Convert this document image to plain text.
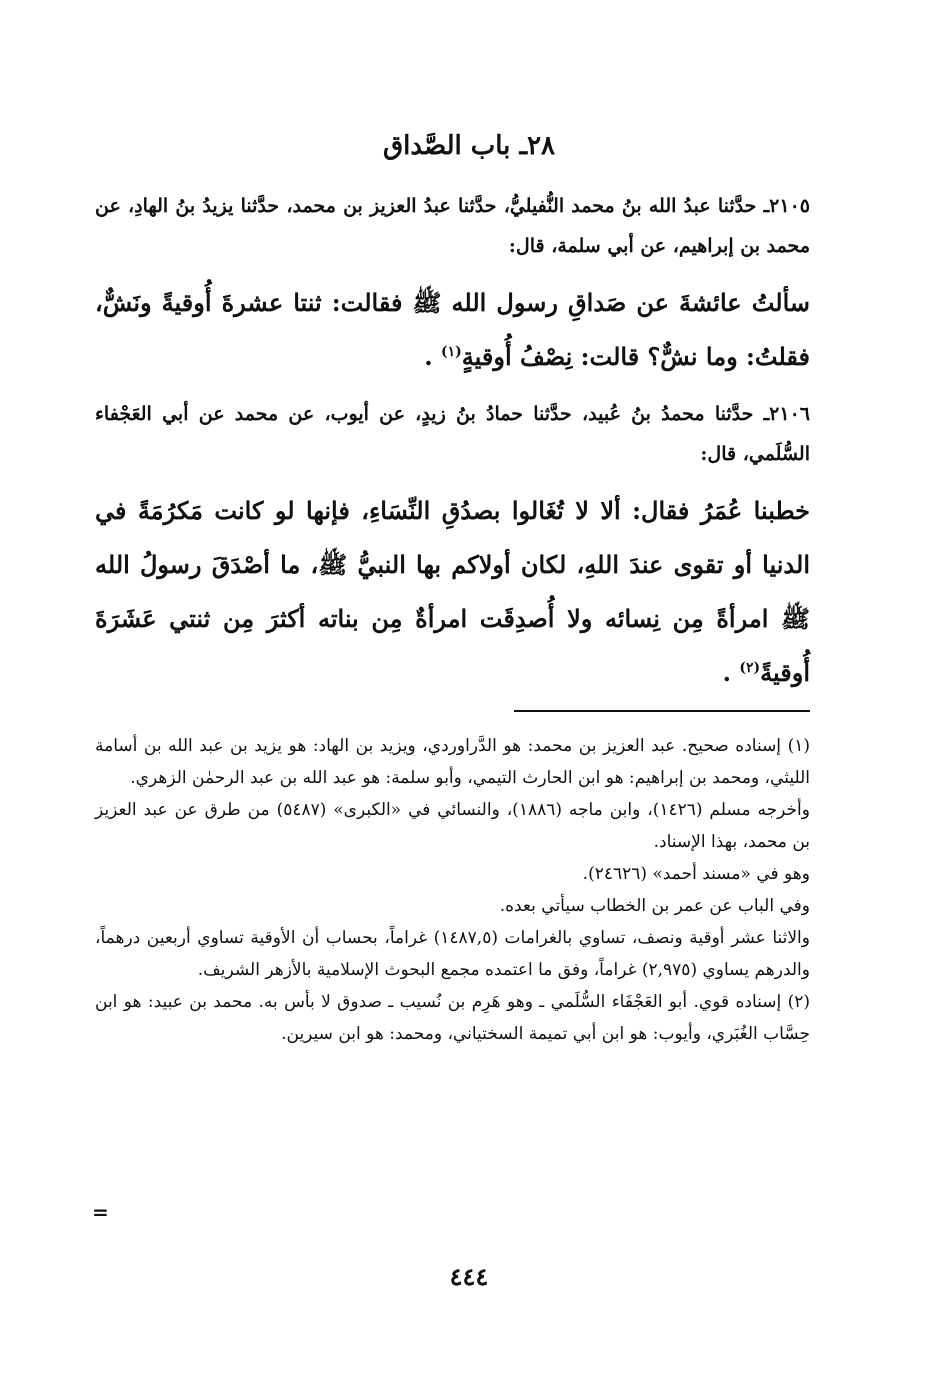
٢٨ـ باب الصَّداق
٢١٠٥ـ حدَّثنا عبدُ الله بنُ محمد النُّفيليُّ، حدَّثنا عبدُ العزيز بن محمد، حدَّثنا يزيدُ بنُ الهادِ، عن محمد بن إبراهيم، عن أبي سلمة، قال:
سألتُ عائشةَ عن صَداقِ رسول الله ﷺ فقالت: ثنتا عشرةَ أُوقيةً ونَشٌّ، فقلتُ: وما نشٌّ؟ قالت: نِصْفُ أُوقيةٍ$^{(١)}$ .
٢١٠٦ـ حدَّثنا محمدُ بنُ عُبيد، حدَّثنا حمادُ بنُ زيدٍ، عن أيوب، عن محمد عن أبي العَجْفاء السُّلَمي، قال:
خطبنا عُمَرُ فقال: ألا لا تُغَالوا بصدُقِ النِّسَاءِ، فإنها لو كانت مَكرُمَةً في الدنيا أو تقوى عندَ اللهِ، لكان أولاكم بها النبيُّ ﷺ، ما أصْدَقَ رسولُ الله ﷺ امرأةً مِن نِسائه ولا أُصدِقَت امرأةٌ مِن بناته أكثرَ مِن ثنتي عَشَرَةَ أُوقيةً$^{(٢)}$ .
(١) إسناده صحيح. عبد العزيز بن محمد: هو الدَّراوردي، ويزيد بن الهاد: هو يزيد بن عبد الله بن أسامة الليثي، ومحمد بن إبراهيم: هو ابن الحارث التيمي، وأبو سلمة: هو عبد الله بن عبد الرحمٰن الزهري.
وأخرجه مسلم (١٤٢٦)، وابن ماجه (١٨٨٦)، والنسائي في «الكبرى» (٥٤٨٧) من طرق عن عبد العزيز بن محمد، بهذا الإسناد.
وهو في «مسند أحمد» (٢٤٦٢٦).
وفي الباب عن عمر بن الخطاب سيأتي بعده.
والاثنا عشر أوقية ونصف، تساوي بالغرامات (١٤٨٧,٥) غراماً، بحساب أن الأوقية تساوي أربعين درهماً، والدرهم يساوي (٢,٩٧٥) غراماً، وفق ما اعتمده مجمع البحوث الإسلامية بالأزهر الشريف.
(٢) إسناده قوي. أبو العَجْفَاء السُّلَمي ـ وهو هَرِم بن نُسيب ـ صدوق لا بأس به. محمد بن عبيد: هو ابن حِسَّاب الغُبَري، وأيوب: هو ابن أبي تميمة السختياني، ومحمد: هو ابن سيرين.
=
٤٤٤
